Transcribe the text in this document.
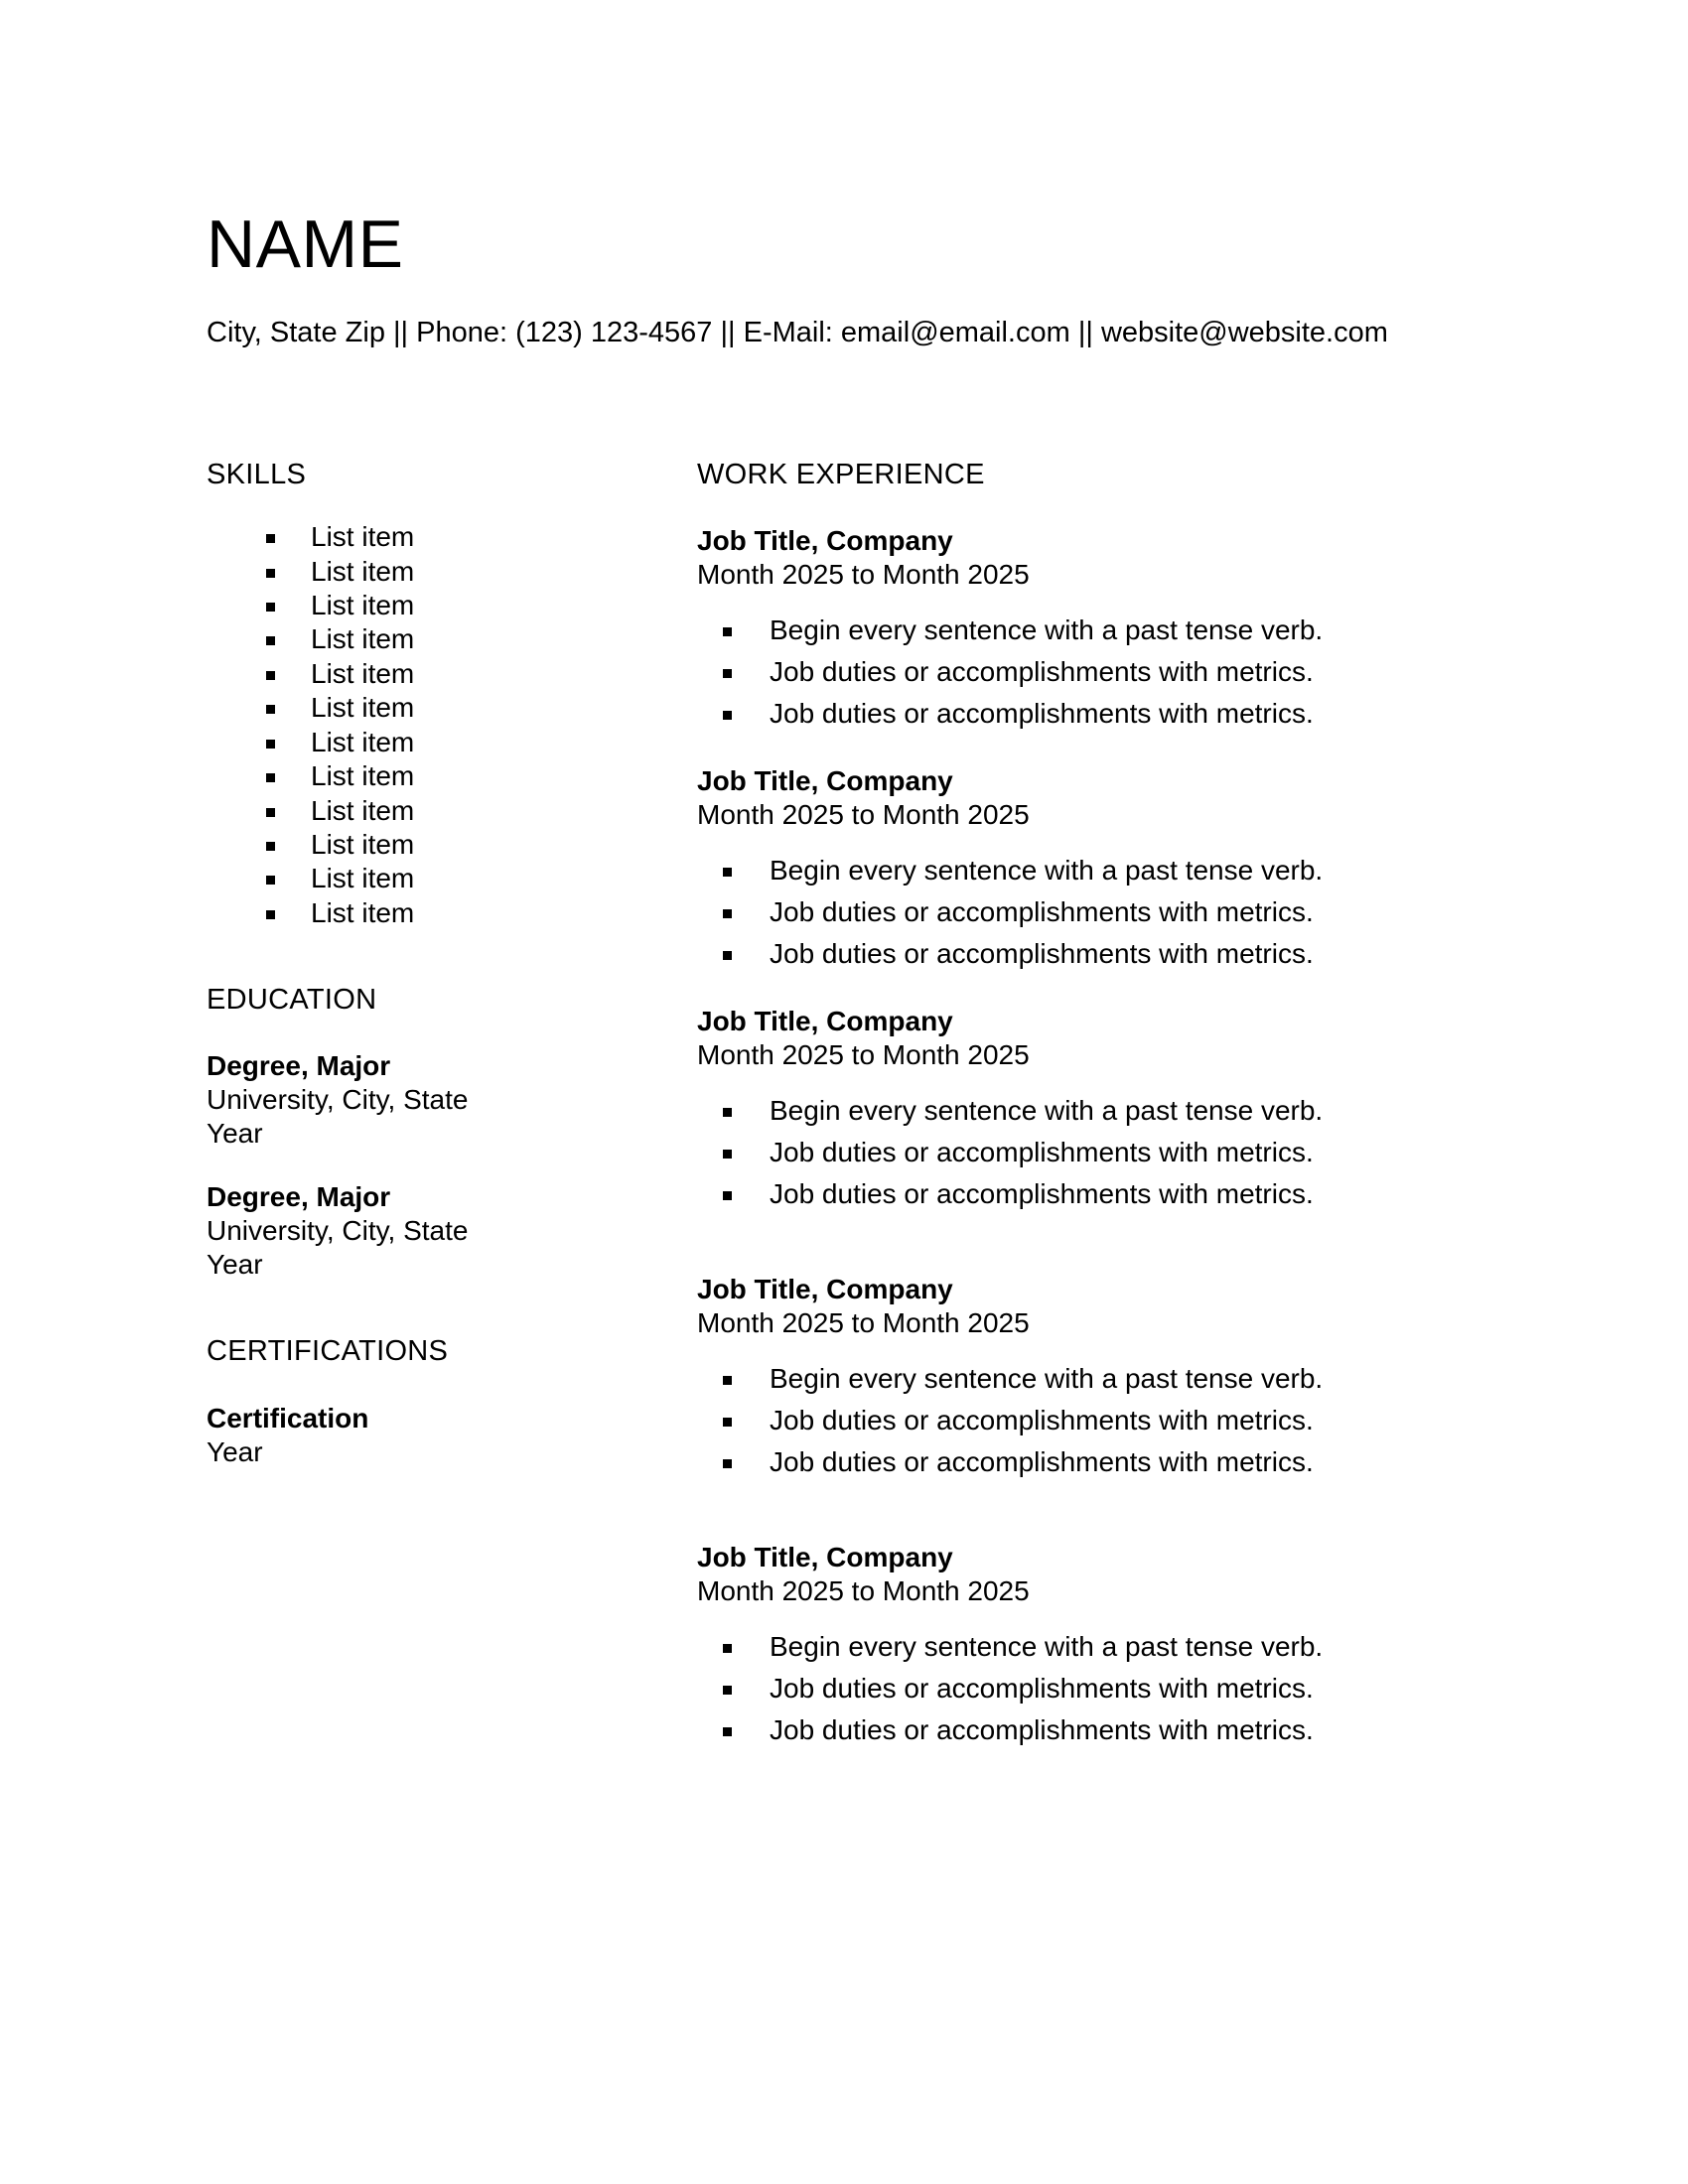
NAME
City, State Zip || Phone: (123) 123-4567 || E-Mail: email@email.com || website@website.com
SKILLS
List item
List item
List item
List item
List item
List item
List item
List item
List item
List item
List item
List item
EDUCATION
Degree, Major
University, City, State
Year
Degree, Major
University, City, State
Year
CERTIFICATIONS
Certification
Year
WORK EXPERIENCE
Job Title, Company
Month 2025 to Month 2025
Begin every sentence with a past tense verb.
Job duties or accomplishments with metrics.
Job duties or accomplishments with metrics.
Job Title, Company
Month 2025 to Month 2025
Begin every sentence with a past tense verb.
Job duties or accomplishments with metrics.
Job duties or accomplishments with metrics.
Job Title, Company
Month 2025 to Month 2025
Begin every sentence with a past tense verb.
Job duties or accomplishments with metrics.
Job duties or accomplishments with metrics.
Job Title, Company
Month 2025 to Month 2025
Begin every sentence with a past tense verb.
Job duties or accomplishments with metrics.
Job duties or accomplishments with metrics.
Job Title, Company
Month 2025 to Month 2025
Begin every sentence with a past tense verb.
Job duties or accomplishments with metrics.
Job duties or accomplishments with metrics.
